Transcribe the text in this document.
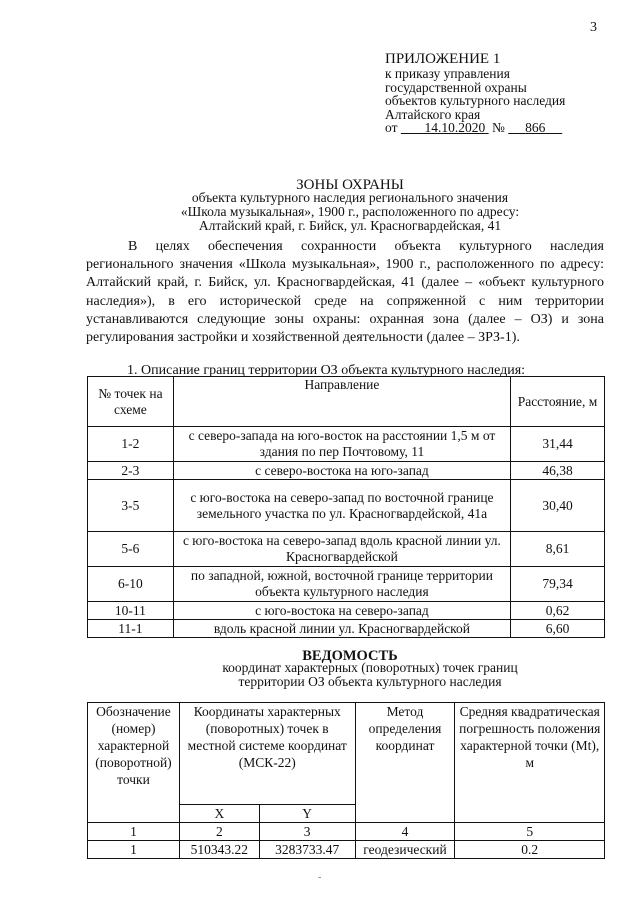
3
ПРИЛОЖЕНИЕ 1
к приказу управления
государственной охраны
объектов культурного наследия
Алтайского края
от 14.10.2020 № 866
ЗОНЫ ОХРАНЫ
объекта культурного наследия регионального значения
«Школа музыкальная», 1900 г., расположенного по адресу:
Алтайский край, г. Бийск, ул. Красногвардейская, 41

В целях обеспечения сохранности объекта культурного наследия регионального значения «Школа музыкальная», 1900 г., расположенного по адресу: Алтайский край, г. Бийск, ул. Красногвардейская, 41 (далее – «объект культурного наследия»), в его исторической среде на сопряженной с ним территории устанавливаются следующие зоны охраны: охранная зона (далее – ОЗ) и зона регулирования застройки и хозяйственной деятельности (далее – ЗРЗ-1).

1. Описание границ территории ОЗ объекта культурного наследия:
№ точек на схеме	Направление	Расстояние, м
1-2	с северо-запада на юго-восток на расстоянии 1,5 м от здания по пер Почтовому, 11	31,44
2-3	с северо-востока на юго-запад	46,38
3-5	с юго-востока на северо-запад по восточной границе земельного участка по ул. Красногвардейской, 41а	30,40
5-6	с юго-востока на северо-запад вдоль красной линии ул. Красногвардейской	8,61
6-10	по западной, южной, восточной границе территории объекта культурного наследия	79,34
10-11	с юго-востока на северо-запад	0,62
11-1	вдоль красной линии ул. Красногвардейской	6,60
ВЕДОМОСТЬ
координат характерных (поворотных) точек границ
территории ОЗ объекта культурного наследия
Обозначение (номер) характерной (поворотной) точки	Координаты характерных (поворотных) точек в местной системе координат (МСК-22)		Метод определения координат	Средняя квадратическая погрешность положения характерной точки (Mt), м
	X	Y		
1	2	3	4	5
1	510343.22	3283733.47	геодезический	0.2
-
